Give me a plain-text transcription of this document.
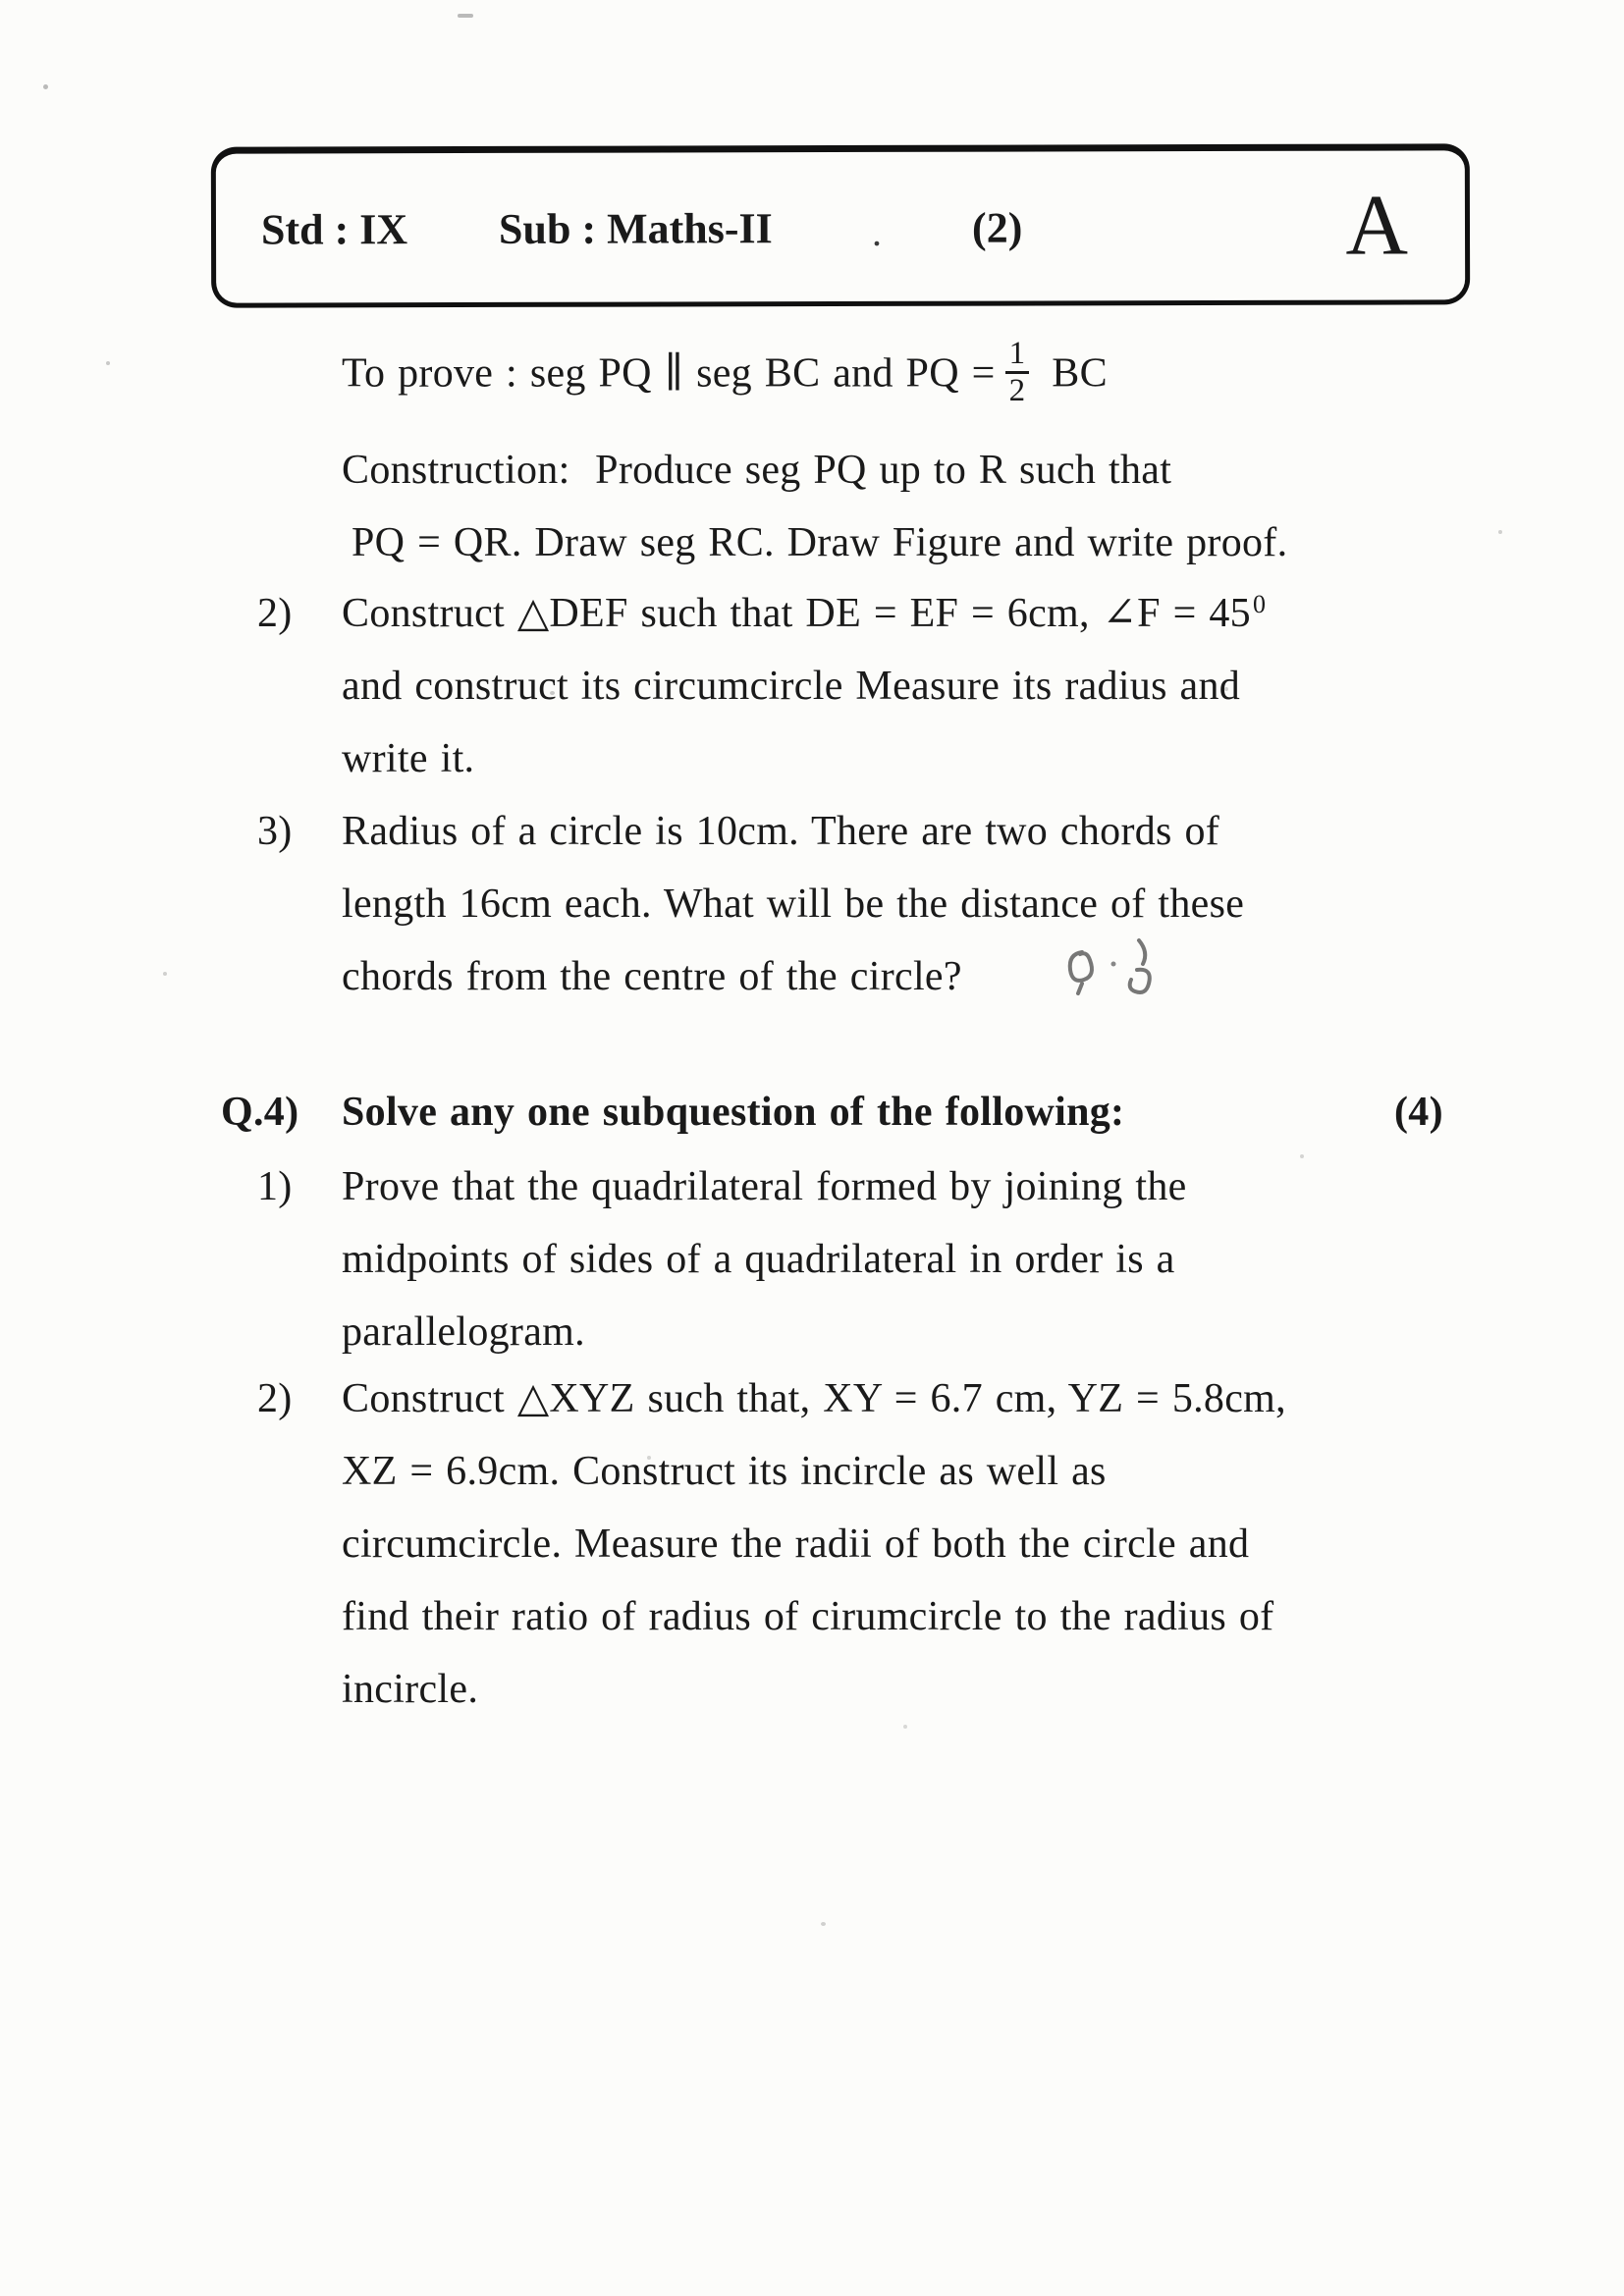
Std : IX Sub : Maths-II	. (2)	A
To prove : seg PQ ∥ seg BC and PQ = $\frac{1}{2}$ BC
Construction:  Produce seg PQ up to R such that
PQ = QR. Draw seg RC. Draw Figure and write proof.
2) Construct △DEF such that DE = EF = 6cm, ∠F = $45^0$
and construct its circumcircle Measure its radius and
write it.
3) Radius of a circle is 10cm. There are two chords of
length 16cm each. What will be the distance of these
chords from the centre of the circle?
Q.4) Solve any one subquestion of the following:	(4)
1) Prove that the quadrilateral formed by joining the
midpoints of sides of a quadrilateral in order is a
parallelogram.
2) Construct △XYZ such that, XY = 6.7 cm, YZ = 5.8cm,
XZ = 6.9cm. Construct its incircle as well as
circumcircle. Measure the radii of both the circle and
find their ratio of radius of cirumcircle to the radius of
incircle.
